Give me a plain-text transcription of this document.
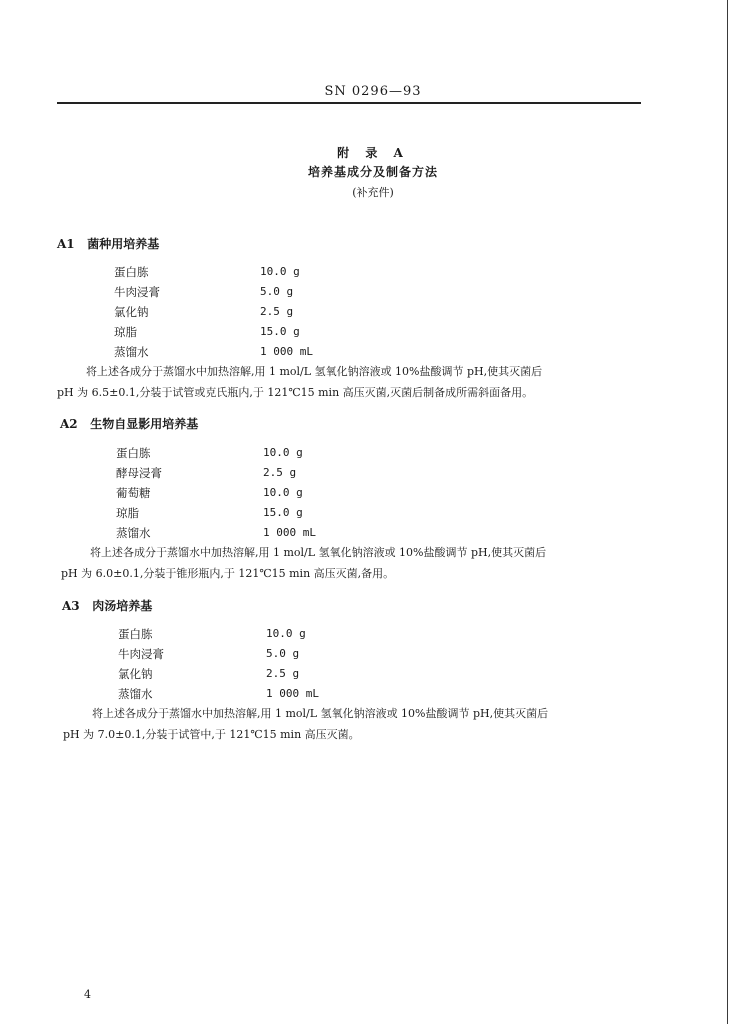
SN 0296—93
附 录 A
培养基成分及制备方法
(补充件)
A1 菌种用培养基
蛋白胨	10.0 g
牛肉浸膏	5.0 g
氯化钠	2.5 g
琼脂	15.0 g
蒸馏水	1 000 mL
将上述各成分于蒸馏水中加热溶解,用 1 mol/L 氢氧化钠溶液或 10%盐酸调节 pH,使其灭菌后
pH 为 6.5±0.1,分装于试管或克氏瓶内,于 121℃15 min 高压灭菌,灭菌后制备成所需斜面备用。
A2 生物自显影用培养基
蛋白胨	10.0 g
酵母浸膏	2.5 g
葡萄糖	10.0 g
琼脂	15.0 g
蒸馏水	1 000 mL
将上述各成分于蒸馏水中加热溶解,用 1 mol/L 氢氧化钠溶液或 10%盐酸调节 pH,使其灭菌后
pH 为 6.0±0.1,分装于锥形瓶内,于 121℃15 min 高压灭菌,备用。
A3 肉汤培养基
蛋白胨	10.0 g
牛肉浸膏	5.0 g
氯化钠	2.5 g
蒸馏水	1 000 mL
将上述各成分于蒸馏水中加热溶解,用 1 mol/L 氢氧化钠溶液或 10%盐酸调节 pH,使其灭菌后
pH 为 7.0±0.1,分装于试管中,于 121℃15 min 高压灭菌。
4
